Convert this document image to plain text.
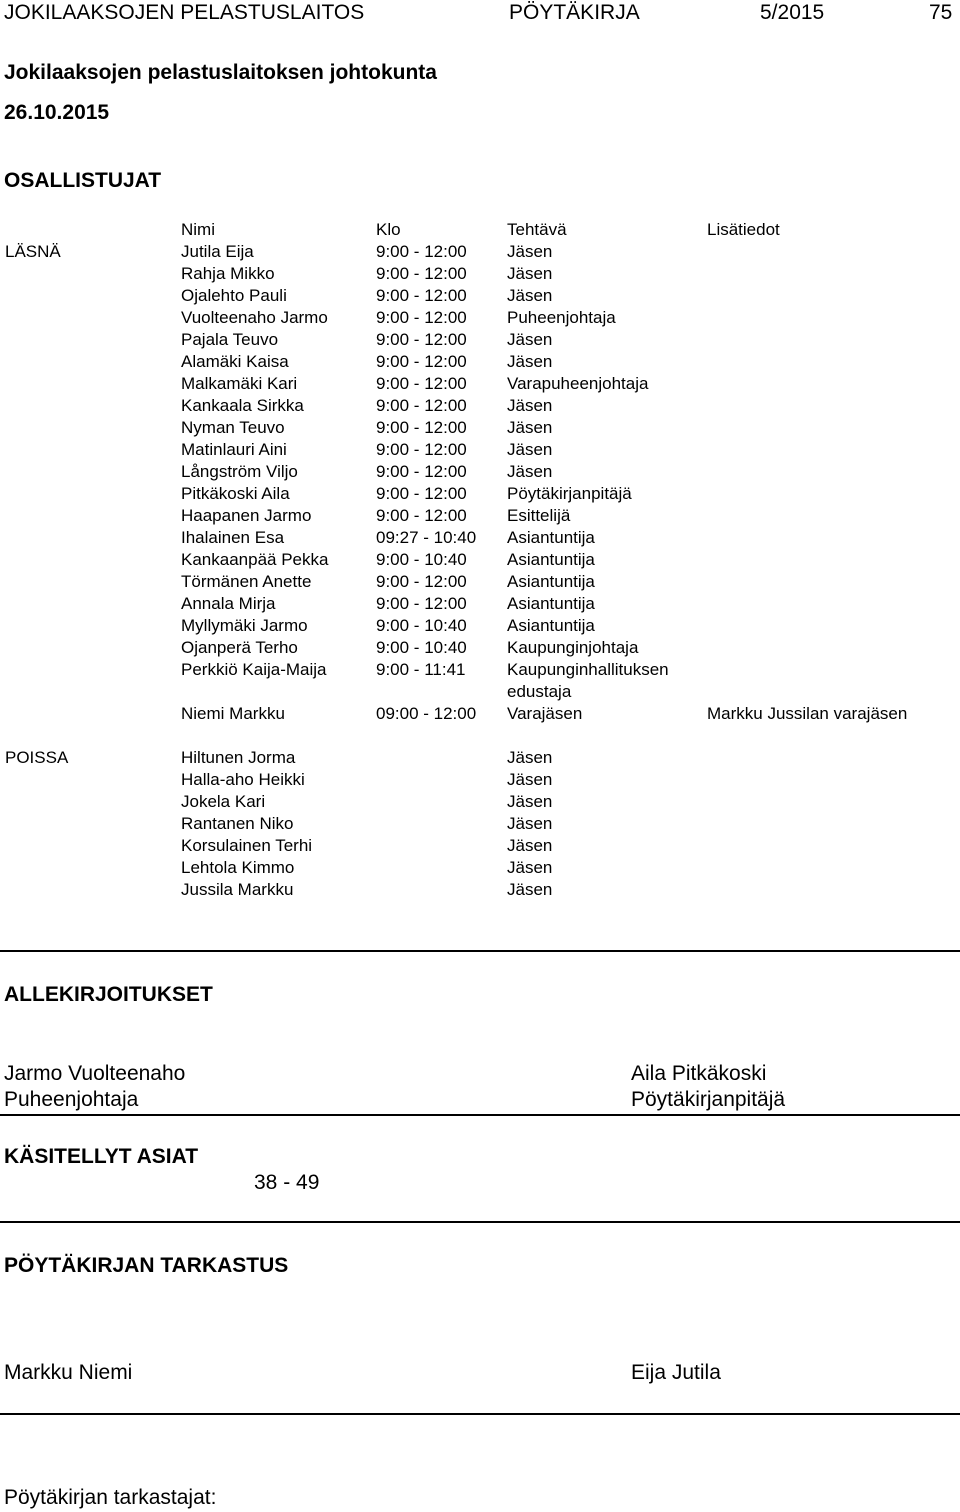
JOKILAAKSOJEN PELASTUSLAITOS	PÖYTÄKIRJA	5/2015	75
Jokilaaksojen pelastuslaitoksen johtokunta
26.10.2015
OSALLISTUJAT
Nimi	Klo	Tehtävä	Lisätiedot
LÄSNÄ	Jutila Eija	9:00 - 12:00 Jäsen
Rahja Mikko	9:00 - 12:00 Jäsen
Ojalehto Pauli	9:00 - 12:00 Jäsen
Vuolteenaho Jarmo	9:00 - 12:00 Puheenjohtaja
Pajala Teuvo	9:00 - 12:00 Jäsen
Alamäki Kaisa	9:00 - 12:00 Jäsen
Malkamäki Kari	9:00 - 12:00 Varapuheenjohtaja
Kankaala Sirkka	9:00 - 12:00 Jäsen
Nyman Teuvo	9:00 - 12:00 Jäsen
Matinlauri Aini	9:00 - 12:00 Jäsen
Långström Viljo	9:00 - 12:00 Jäsen
Pitkäkoski Aila	9:00 - 12:00 Pöytäkirjanpitäjä
Haapanen Jarmo	9:00 - 12:00 Esittelijä
Ihalainen Esa	09:27 - 10:40 Asiantuntija
Kankaanpää Pekka	9:00 - 10:40 Asiantuntija
Törmänen Anette	9:00 - 12:00 Asiantuntija
Annala Mirja	9:00 - 12:00 Asiantuntija
Myllymäki Jarmo	9:00 - 10:40 Asiantuntija
Ojanperä Terho	9:00 - 10:40 Kaupunginjohtaja
Perkkiö Kaija-Maija	9:00 - 11:41 Kaupunginhallituksen
edustaja
Niemi Markku	09:00 - 12:00 Varajäsen	Markku Jussilan varajäsen
POISSA	Hiltunen Jorma	Jäsen
Halla-aho Heikki	Jäsen
Jokela Kari	Jäsen
Rantanen Niko	Jäsen
Korsulainen Terhi	Jäsen
Lehtola Kimmo	Jäsen
Jussila Markku	Jäsen
ALLEKIRJOITUKSET
Jarmo Vuolteenaho
Puheenjohtaja
Aila Pitkäkoski
Pöytäkirjanpitäjä
KÄSITELLYT ASIAT
38 - 49
PÖYTÄKIRJAN TARKASTUS
Markku Niemi	Eija Jutila
Pöytäkirjan tarkastajat:
